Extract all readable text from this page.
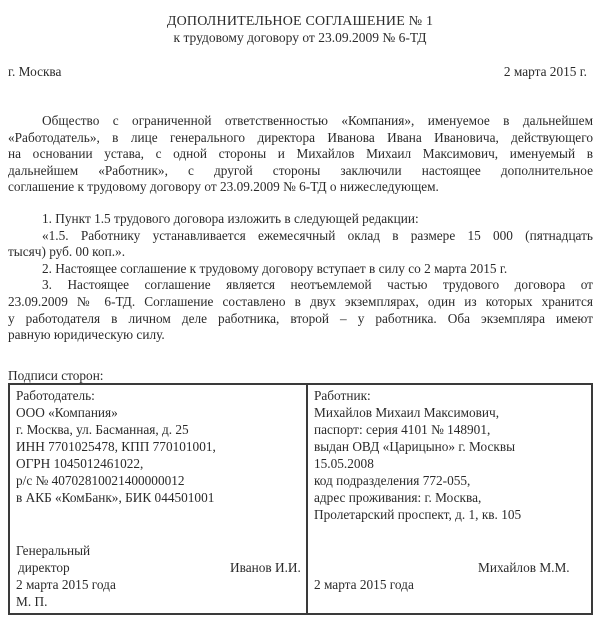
ДОПОЛНИТЕЛЬНОЕ СОГЛАШЕНИЕ № 1
к трудовому договору от 23.09.2009 № 6-ТД
г. Москва	2 марта 2015 г.
Общество с ограниченной ответственностью «Компания», именуемое в дальнейшем
«Работодатель», в лице генерального директора Иванова Ивана Ивановича, действующего
на основании устава, с одной стороны и Михайлов Михаил Максимович, именуемый в
дальнейшем «Работник», с другой стороны заключили настоящее дополнительное
соглашение к трудовому договору от 23.09.2009 № 6-ТД о нижеследующем.
1. Пункт 1.5 трудового договора изложить в следующей редакции:
«1.5. Работнику устанавливается ежемесячный оклад в размере 15 000 (пятнадцать
тысяч) руб. 00 коп.».
2. Настоящее соглашение к трудовому договору вступает в силу со 2 марта 2015 г.
3. Настоящее соглашение является неотъемлемой частью трудового договора от
23.09.2009 № 6-ТД. Соглашение составлено в двух экземплярах, один из которых хранится
у работодателя в личном деле работника, второй – у работника. Оба экземпляра имеют
равную юридическую силу.
Подписи сторон:
Работодатель:
ООО «Компания»
г. Москва, ул. Басманная, д. 25
ИНН 7701025478, КПП 770101001,
ОГРН 1045012461022,
р/с № 40702810021400000012
в АКБ «КомБанк», БИК 044501001
Генеральный
директор	Иванов И.И.
2 марта 2015 года
М. П.
Работник:
Михайлов Михаил Максимович,
паспорт: серия 4101 № 148901,
выдан ОВД «Царицыно» г. Москвы
15.05.2008
код подразделения 772-055,
адрес проживания: г. Москва,
Пролетарский проспект, д. 1, кв. 105
Михайлов М.М.
2 марта 2015 года
